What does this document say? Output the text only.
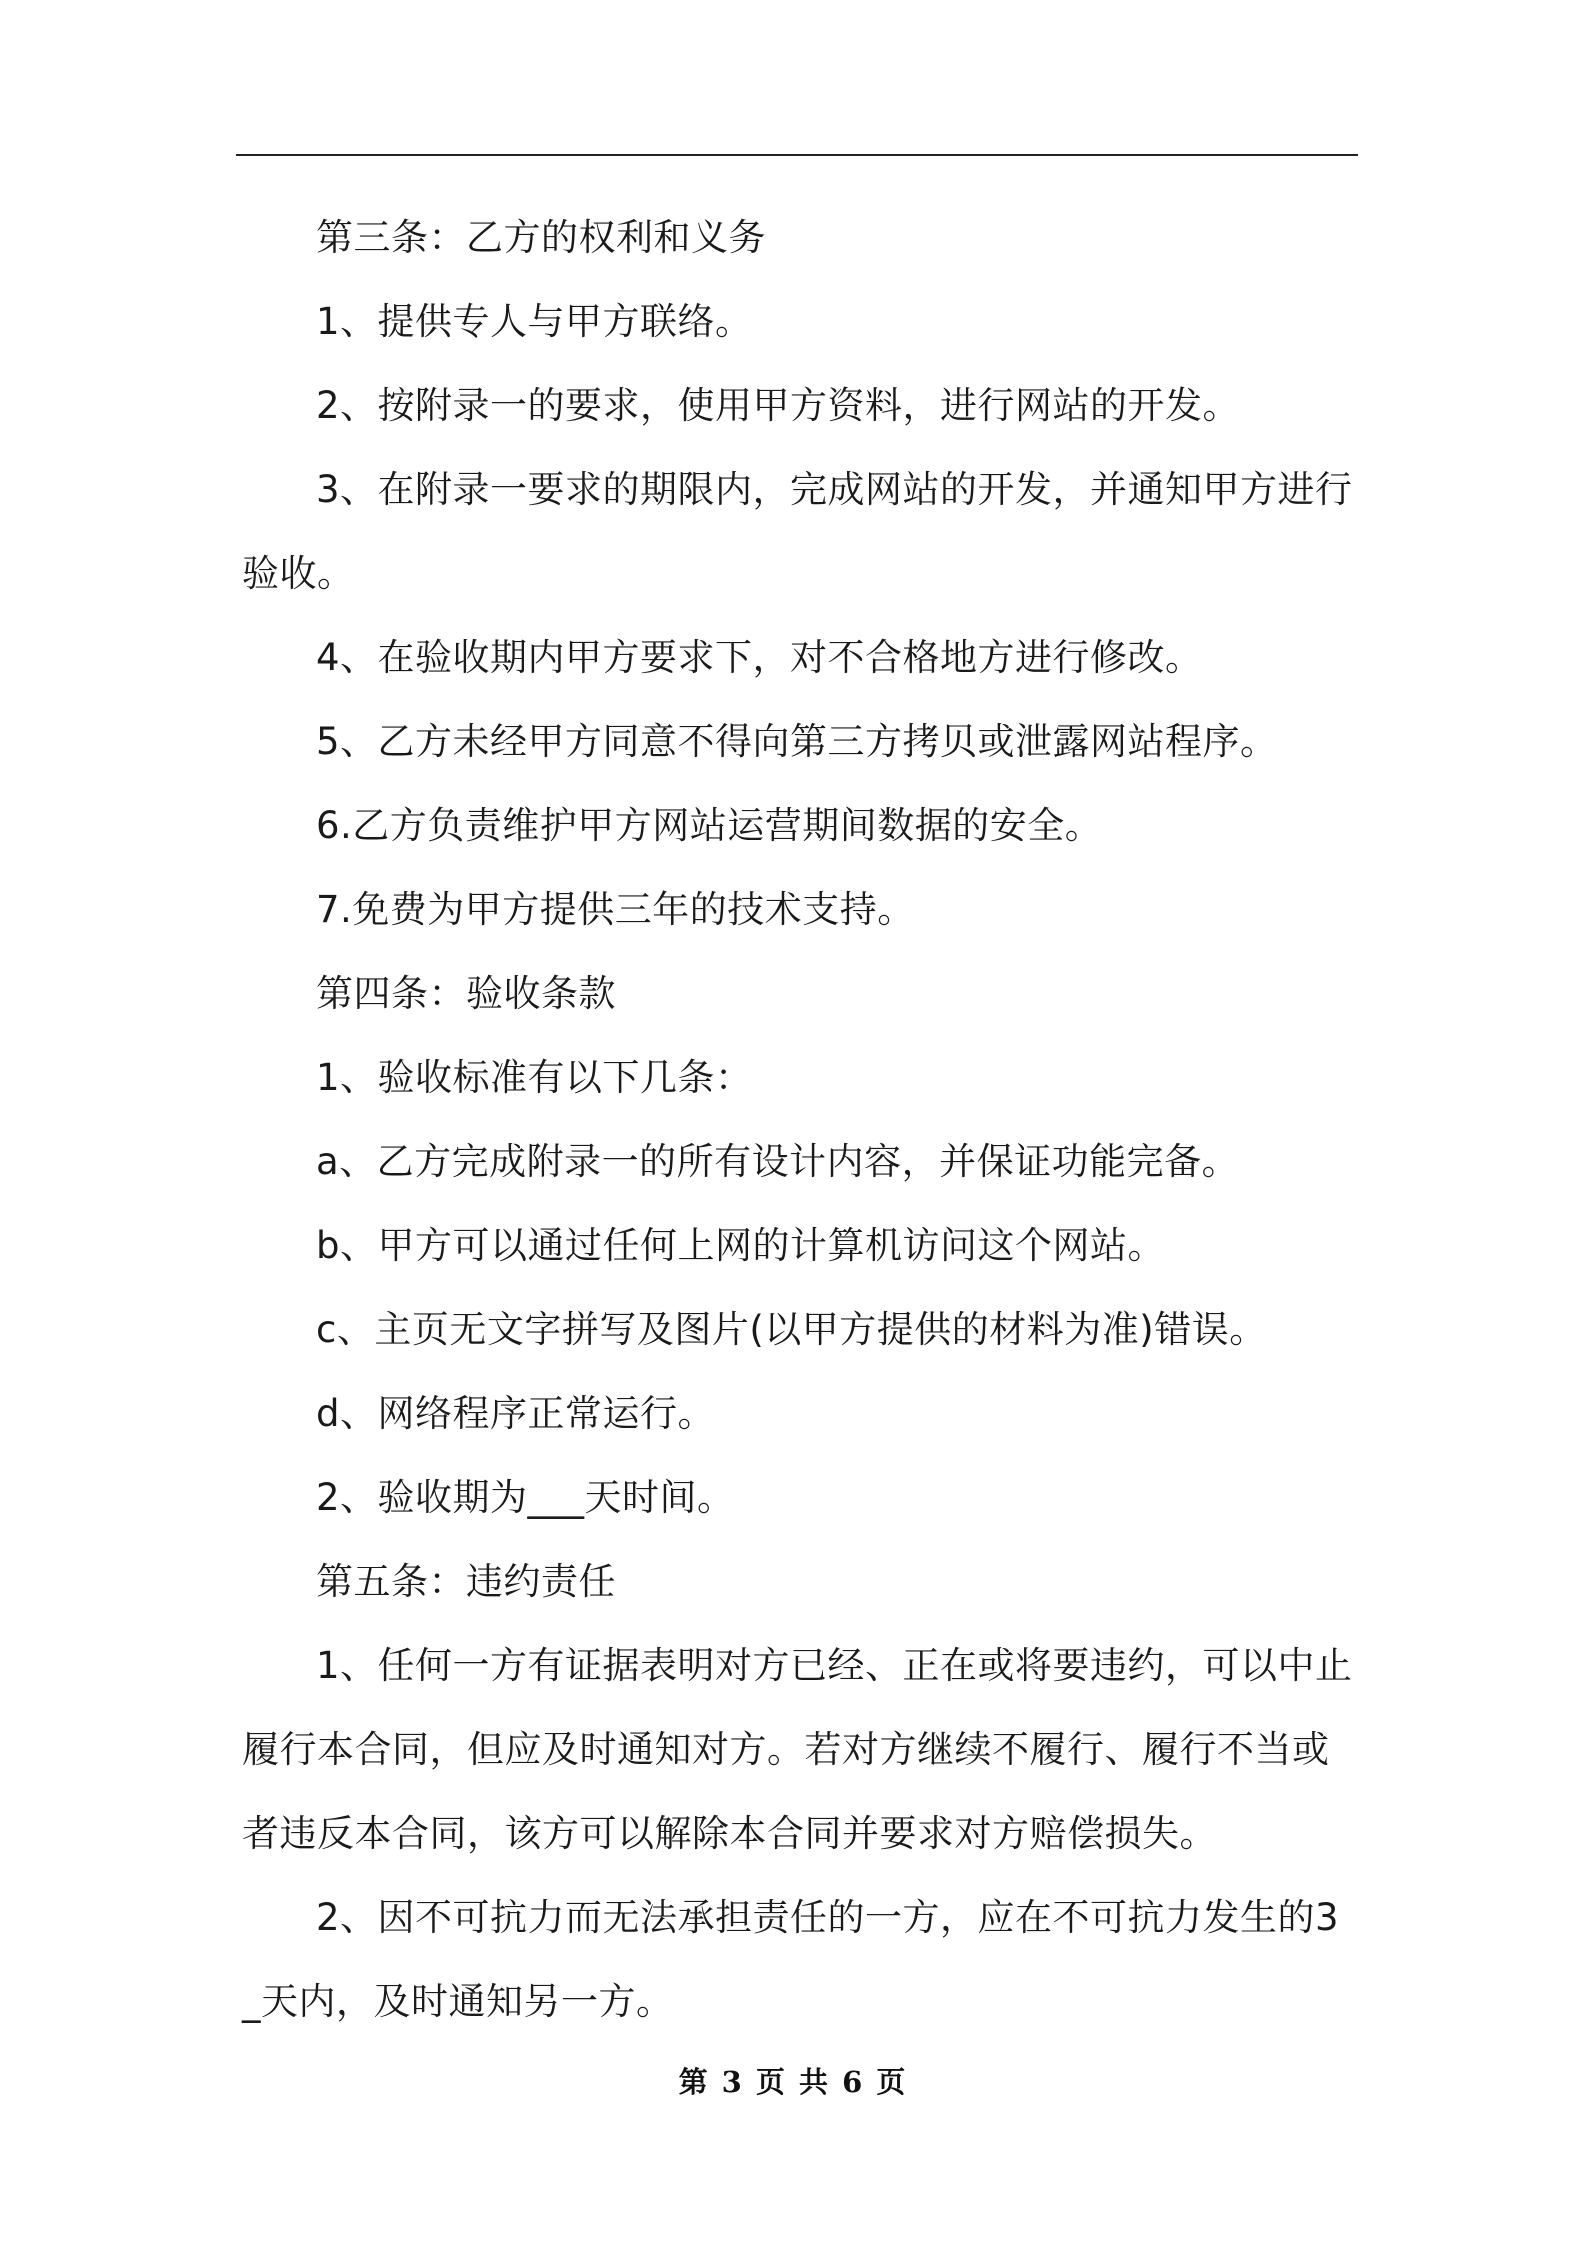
第三条：乙方的权利和义务

1、提供专人与甲方联络。

2、按附录一的要求，使用甲方资料，进行网站的开发。

3、在附录一要求的期限内，完成网站的开发，并通知甲方进行验收。

4、在验收期内甲方要求下，对不合格地方进行修改。

5、乙方未经甲方同意不得向第三方拷贝或泄露网站程序。

6.乙方负责维护甲方网站运营期间数据的安全。

7.免费为甲方提供三年的技术支持。

第四条：验收条款

1、验收标准有以下几条：

a、乙方完成附录一的所有设计内容，并保证功能完备。

b、甲方可以通过任何上网的计算机访问这个网站。

c、主页无文字拼写及图片(以甲方提供的材料为准)错误。

d、网络程序正常运行。

2、验收期为___天时间。

第五条：违约责任

1、任何一方有证据表明对方已经、正在或将要违约，可以中止履行本合同，但应及时通知对方。若对方继续不履行、履行不当或者违反本合同，该方可以解除本合同并要求对方赔偿损失。

2、因不可抗力而无法承担责任的一方，应在不可抗力发生的3_天内，及时通知另一方。

第 3 页 共 6 页
